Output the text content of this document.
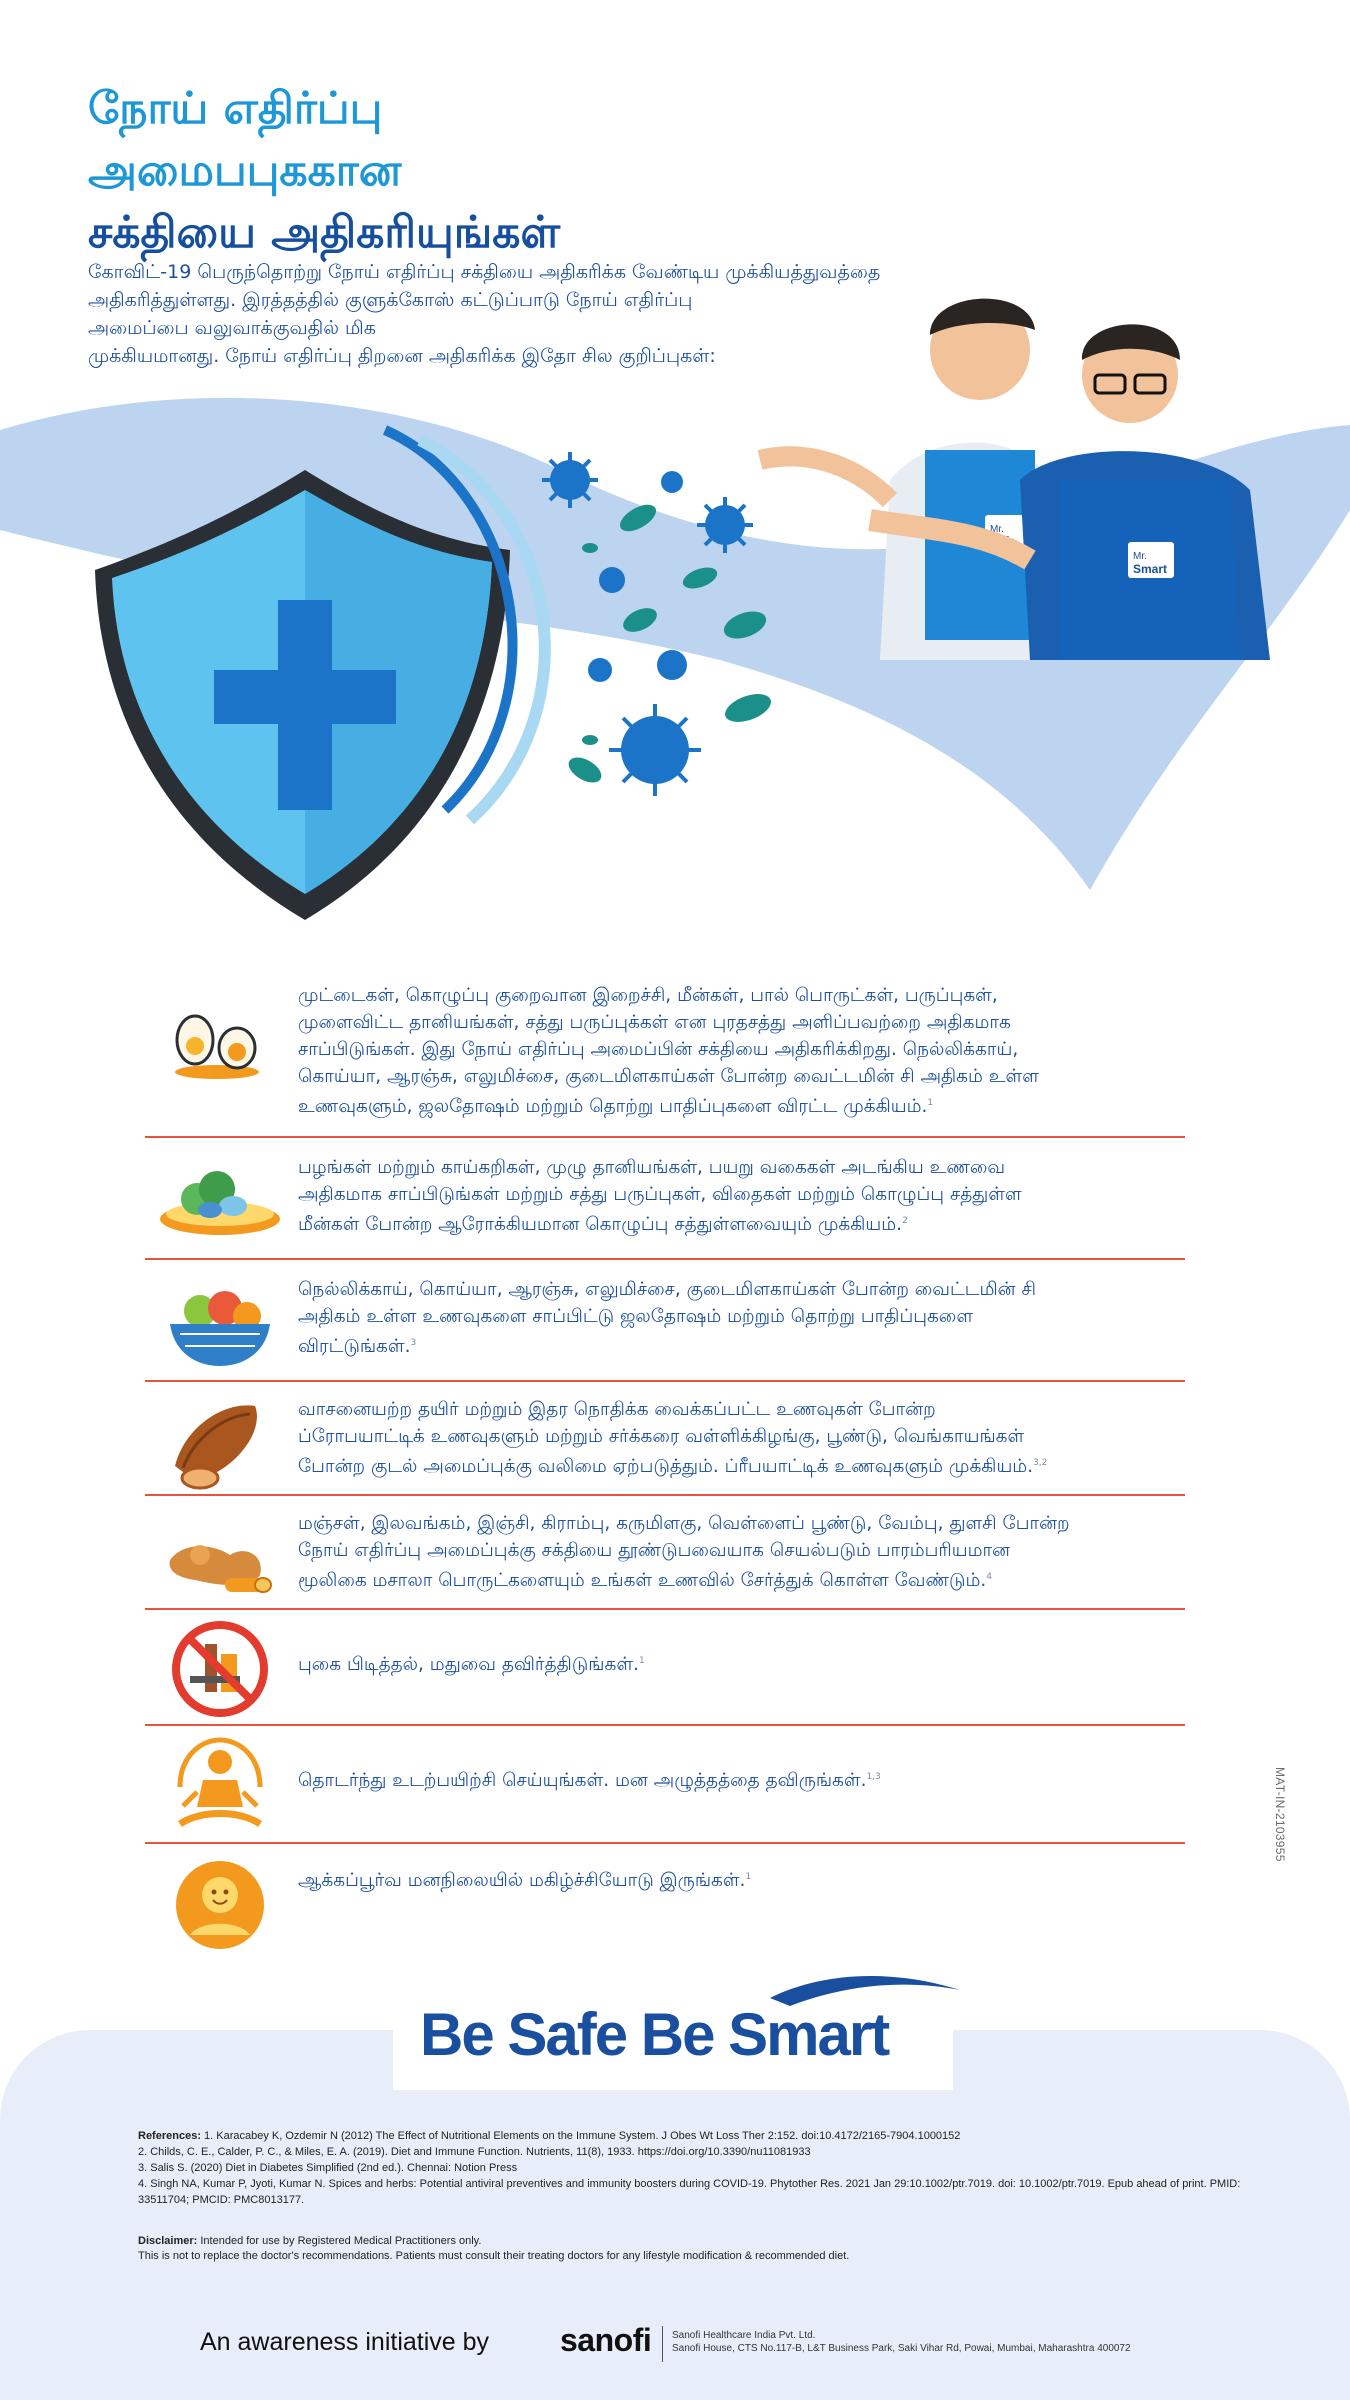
நோய் எதிர்ப்பு
அமைபபுககான
சக்தியை அதிகரியுங்கள்
கோவிட்-19 பெருந்தொற்று நோய் எதிர்ப்பு சக்தியை அதிகரிக்க வேண்டிய முக்கியத்துவத்தை
அதிகரித்துள்ளது. இரத்தத்தில் குளுக்கோஸ் கட்டுப்பாடு நோய் எதிர்ப்பு
அமைப்பை வலுவாக்குவதில் மிக
முக்கியமானது. நோய் எதிர்ப்பு திறனை அதிகரிக்க இதோ சில குறிப்புகள்:
Mr.
Safe
Mr.
Smart
முட்டைகள், கொழுப்பு குறைவான இறைச்சி, மீன்கள், பால் பொருட்கள், பருப்புகள்,
முளைவிட்ட தானியங்கள், சத்து பருப்புக்கள் என புரதசத்து அளிப்பவற்றை அதிகமாக
சாப்பிடுங்கள். இது நோய் எதிர்ப்பு அமைப்பின் சக்தியை அதிகரிக்கிறது. நெல்லிக்காய்,
கொய்யா, ஆரஞ்சு, எலுமிச்சை, குடைமிளகாய்கள் போன்ற வைட்டமின் சி அதிகம் உள்ள
உணவுகளும், ஜலதோஷம் மற்றும் தொற்று பாதிப்புகளை விரட்ட முக்கியம்.$^1$
பழங்கள் மற்றும் காய்கறிகள், முழு தானியங்கள், பயறு வகைகள் அடங்கிய உணவை
அதிகமாக சாப்பிடுங்கள் மற்றும் சத்து பருப்புகள், விதைகள் மற்றும் கொழுப்பு சத்துள்ள
மீன்கள் போன்ற ஆரோக்கியமான கொழுப்பு சத்துள்ளவையும் முக்கியம்.$^2$
நெல்லிக்காய், கொய்யா, ஆரஞ்சு, எலுமிச்சை, குடைமிளகாய்கள் போன்ற வைட்டமின் சி
அதிகம் உள்ள உணவுகளை சாப்பிட்டு ஜலதோஷம் மற்றும் தொற்று பாதிப்புகளை
விரட்டுங்கள்.$^3$
வாசனையற்ற தயிர் மற்றும் இதர நொதிக்க வைக்கப்பட்ட உணவுகள் போன்ற
ப்ரோபயாட்டிக் உணவுகளும் மற்றும் சர்க்கரை வள்ளிக்கிழங்கு, பூண்டு, வெங்காயங்கள்
போன்ற குடல் அமைப்புக்கு வலிமை ஏற்படுத்தும். ப்ரீபயாட்டிக் உணவுகளும் முக்கியம்.$^{3,2}$
மஞ்சள், இலவங்கம், இஞ்சி, கிராம்பு, கருமிளகு, வெள்ளைப் பூண்டு, வேம்பு, துளசி போன்ற
நோய் எதிர்ப்பு அமைப்புக்கு சக்தியை தூண்டுபவையாக செயல்படும் பாரம்பரியமான
மூலிகை மசாலா பொருட்களையும் உங்கள் உணவில் சேர்த்துக் கொள்ள வேண்டும்.$^4$
புகை பிடித்தல், மதுவை தவிர்த்திடுங்கள்.$^1$
தொடர்ந்து உடற்பயிற்சி செய்யுங்கள். மன அழுத்தத்தை தவிருங்கள்.$^{1,3}$
ஆக்கப்பூர்வ மனநிலையில் மகிழ்ச்சியோடு இருங்கள்.$^1$
MAT-IN-2103955
Be Safe Be Smart
References: 1. Karacabey K, Ozdemir N (2012) The Effect of Nutritional Elements on the Immune System. J Obes Wt Loss Ther 2:152. doi:10.4172/2165-7904.1000152
2. Childs, C. E., Calder, P. C., & Miles, E. A. (2019). Diet and Immune Function. Nutrients, 11(8), 1933. https://doi.org/10.3390/nu11081933
3. Salis S. (2020) Diet in Diabetes Simplified (2nd ed.). Chennai: Notion Press
4. Singh NA, Kumar P, Jyoti, Kumar N. Spices and herbs: Potential antiviral preventives and immunity boosters during COVID-19. Phytother Res. 2021 Jan 29:10.1002/ptr.7019. doi: 10.1002/ptr.7019. Epub ahead of print. PMID: 33511704; PMCID: PMC8013177.
Disclaimer: Intended for use by Registered Medical Practitioners only.
This is not to replace the doctor's recommendations. Patients must consult their treating doctors for any lifestyle modification & recommended diet.
An awareness initiative by sanofi Sanofi Healthcare India Pvt. Ltd.
Sanofi House, CTS No.117-B, L&T Business Park, Saki Vihar Rd, Powai, Mumbai, Maharashtra 400072
